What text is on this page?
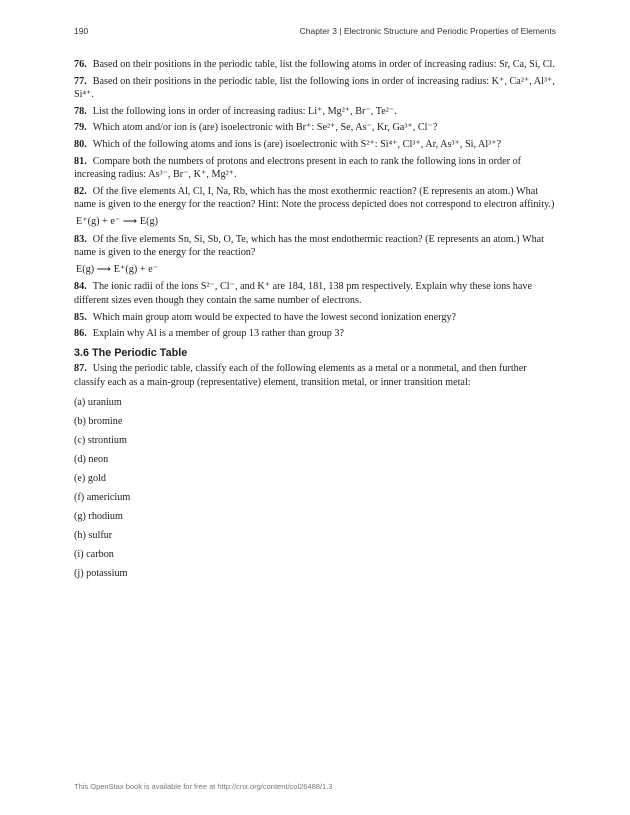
190	Chapter 3 | Electronic Structure and Periodic Properties of Elements

76. Based on their positions in the periodic table, list the following atoms in order of increasing radius: Sr, Ca, Si, Cl.

77. Based on their positions in the periodic table, list the following ions in order of increasing radius: K⁺, Ca²⁺, Al³⁺, Si⁴⁺.

78. List the following ions in order of increasing radius: Li⁺, Mg²⁺, Br⁻, Te²⁻.

79. Which atom and/or ion is (are) isoelectronic with Br⁺: Se²⁺, Se, As⁻, Kr, Ga³⁺, Cl⁻?

80. Which of the following atoms and ions is (are) isoelectronic with S²⁺: Si⁴⁺, Cl³⁺, Ar, As³⁺, Si, Al³⁺?

81. Compare both the numbers of protons and electrons present in each to rank the following ions in order of increasing radius: As³⁻, Br⁻, K⁺, Mg²⁺.

82. Of the five elements Al, Cl, I, Na, Rb, which has the most exothermic reaction? (E represents an atom.) What name is given to the energy for the reaction? Hint: Note the process depicted does not correspond to electron affinity.)

E⁺(g) + e⁻ ⟶ E(g)

83. Of the five elements Sn, Si, Sb, O, Te, which has the most endothermic reaction? (E represents an atom.) What name is given to the energy for the reaction?

E(g) ⟶ E⁺(g) + e⁻

84. The ionic radii of the ions S²⁻, Cl⁻, and K⁺ are 184, 181, 138 pm respectively. Explain why these ions have different sizes even though they contain the same number of electrons.

85. Which main group atom would be expected to have the lowest second ionization energy?

86. Explain why Al is a member of group 13 rather than group 3?

3.6 The Periodic Table

87. Using the periodic table, classify each of the following elements as a metal or a nonmetal, and then further classify each as a main-group (representative) element, transition metal, or inner transition metal:

(a) uranium
(b) bromine
(c) strontium
(d) neon
(e) gold
(f) americium
(g) rhodium
(h) sulfur
(i) carbon
(j) potassium
This OpenStax book is available for free at http://cnx.org/content/col26488/1.3
